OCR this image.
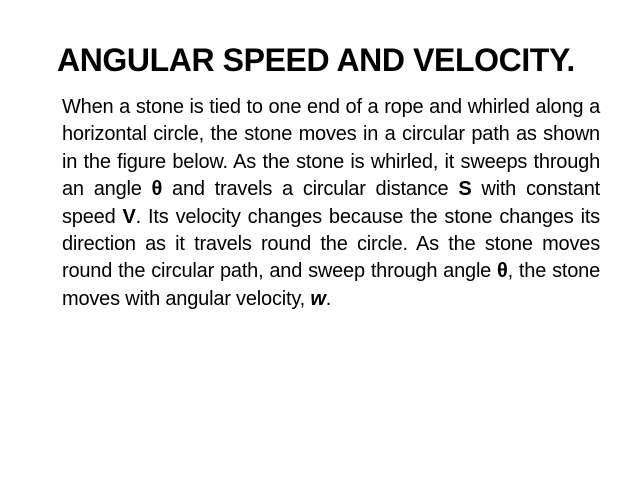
ANGULAR SPEED AND VELOCITY.
When a stone is tied to one end of a rope and whirled along a horizontal circle, the stone moves in a circular path as shown in the figure below. As the stone is whirled, it sweeps through an angle θ and travels a circular distance S with constant speed V. Its velocity changes because the stone changes its direction as it travels round the circle. As the stone moves round the circular path, and sweep through angle θ, the stone moves with angular velocity, w.
